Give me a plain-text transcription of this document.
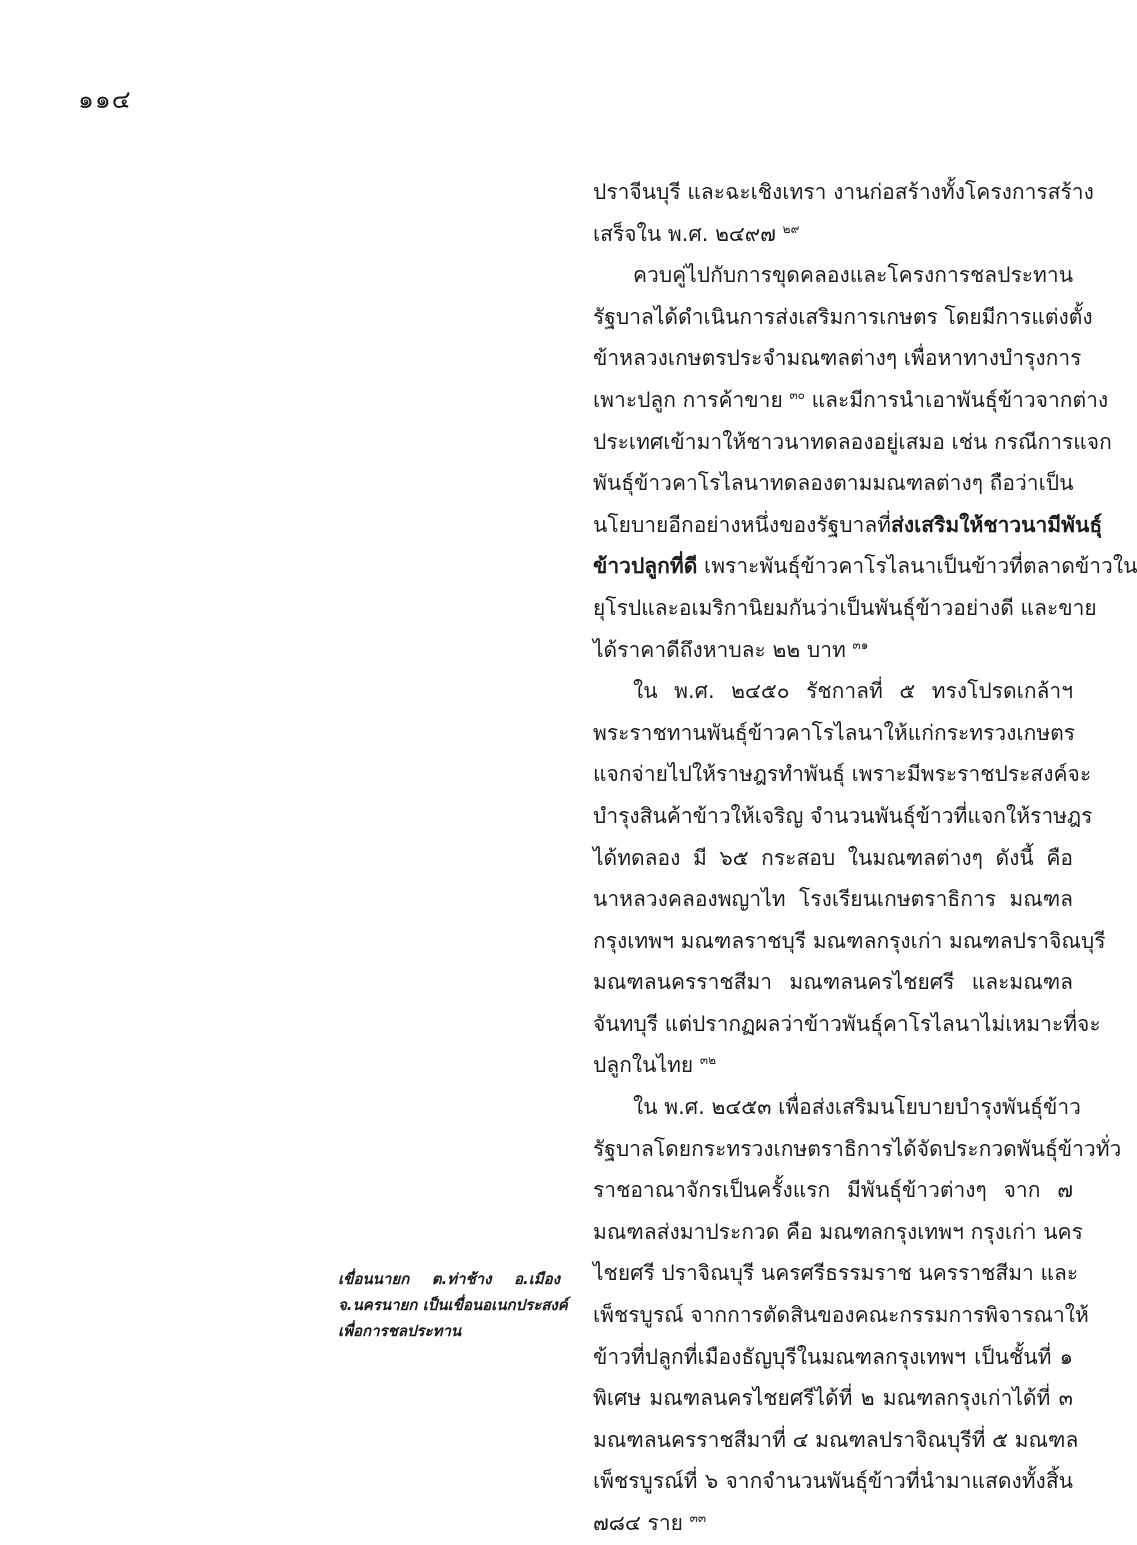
๑๑๔
ปราจีนบุรี และฉะเชิงเทรา งานก่อสร้างทั้งโครงการสร้าง
เสร็จใน พ.ศ. ๒๔๙๗ $^{๒๙}$
ควบคู่ไปกับการขุดคลองและโครงการชลประทาน
รัฐบาลได้ดำเนินการส่งเสริมการเกษตร โดยมีการแต่งตั้ง
ข้าหลวงเกษตรประจำมณฑลต่างๆ เพื่อหาทางบำรุงการ
เพาะปลูก การค้าขาย $^{๓๐}$ และมีการนำเอาพันธุ์ข้าวจากต่าง
ประเทศเข้ามาให้ชาวนาทดลองอยู่เสมอ เช่น กรณีการแจก
พันธุ์ข้าวคาโรไลนาทดลองตามมณฑลต่างๆ ถือว่าเป็น
นโยบายอีกอย่างหนึ่งของรัฐบาลที่ส่งเสริมให้ชาวนามีพันธุ์
ข้าวปลูกที่ดี เพราะพันธุ์ข้าวคาโรไลนาเป็นข้าวที่ตลาดข้าวใน
ยุโรปและอเมริกานิยมกันว่าเป็นพันธุ์ข้าวอย่างดี และขาย
ได้ราคาดีถึงหาบละ ๒๒ บาท $^{๓๑}$
ใน พ.ศ. ๒๔๕๐ รัชกาลที่ ๕ ทรงโปรดเกล้าฯ
พระราชทานพันธุ์ข้าวคาโรไลนาให้แก่กระทรวงเกษตร
แจกจ่ายไปให้ราษฎรทำพันธุ์ เพราะมีพระราชประสงค์จะ
บำรุงสินค้าข้าวให้เจริญ จำนวนพันธุ์ข้าวที่แจกให้ราษฎร
ได้ทดลอง มี ๖๕ กระสอบ ในมณฑลต่างๆ ดังนี้ คือ
นาหลวงคลองพญาไท โรงเรียนเกษตราธิการ มณฑล
กรุงเทพฯ มณฑลราชบุรี มณฑลกรุงเก่า มณฑลปราจิณบุรี
มณฑลนครราชสีมา มณฑลนครไชยศรี และมณฑล
จันทบุรี แต่ปรากฏผลว่าข้าวพันธุ์คาโรไลนาไม่เหมาะที่จะ
ปลูกในไทย $^{๓๒}$
ใน พ.ศ. ๒๔๕๓ เพื่อส่งเสริมนโยบายบำรุงพันธุ์ข้าว
รัฐบาลโดยกระทรวงเกษตราธิการได้จัดประกวดพันธุ์ข้าวทั่ว
ราชอาณาจักรเป็นครั้งแรก มีพันธุ์ข้าวต่างๆ จาก ๗
มณฑลส่งมาประกวด คือ มณฑลกรุงเทพฯ กรุงเก่า นคร
ไชยศรี ปราจิณบุรี นครศรีธรรมราช นครราชสีมา และ
เพ็ชรบูรณ์ จากการตัดสินของคณะกรรมการพิจารณาให้
ข้าวที่ปลูกที่เมืองธัญบุรีในมณฑลกรุงเทพฯ เป็นชั้นที่ ๑
พิเศษ มณฑลนครไชยศรีได้ที่ ๒ มณฑลกรุงเก่าได้ที่ ๓
มณฑลนครราชสีมาที่ ๔ มณฑลปราจิณบุรีที่ ๕ มณฑล
เพ็ชรบูรณ์ที่ ๖ จากจำนวนพันธุ์ข้าวที่นำมาแสดงทั้งสิ้น
๗๘๔ ราย $^{๓๓}$
เขื่อนนายก ต.ท่าช้าง อ.เมือง
จ.นครนายก เป็นเขื่อนอเนกประสงค์
เพื่อการชลประทาน
